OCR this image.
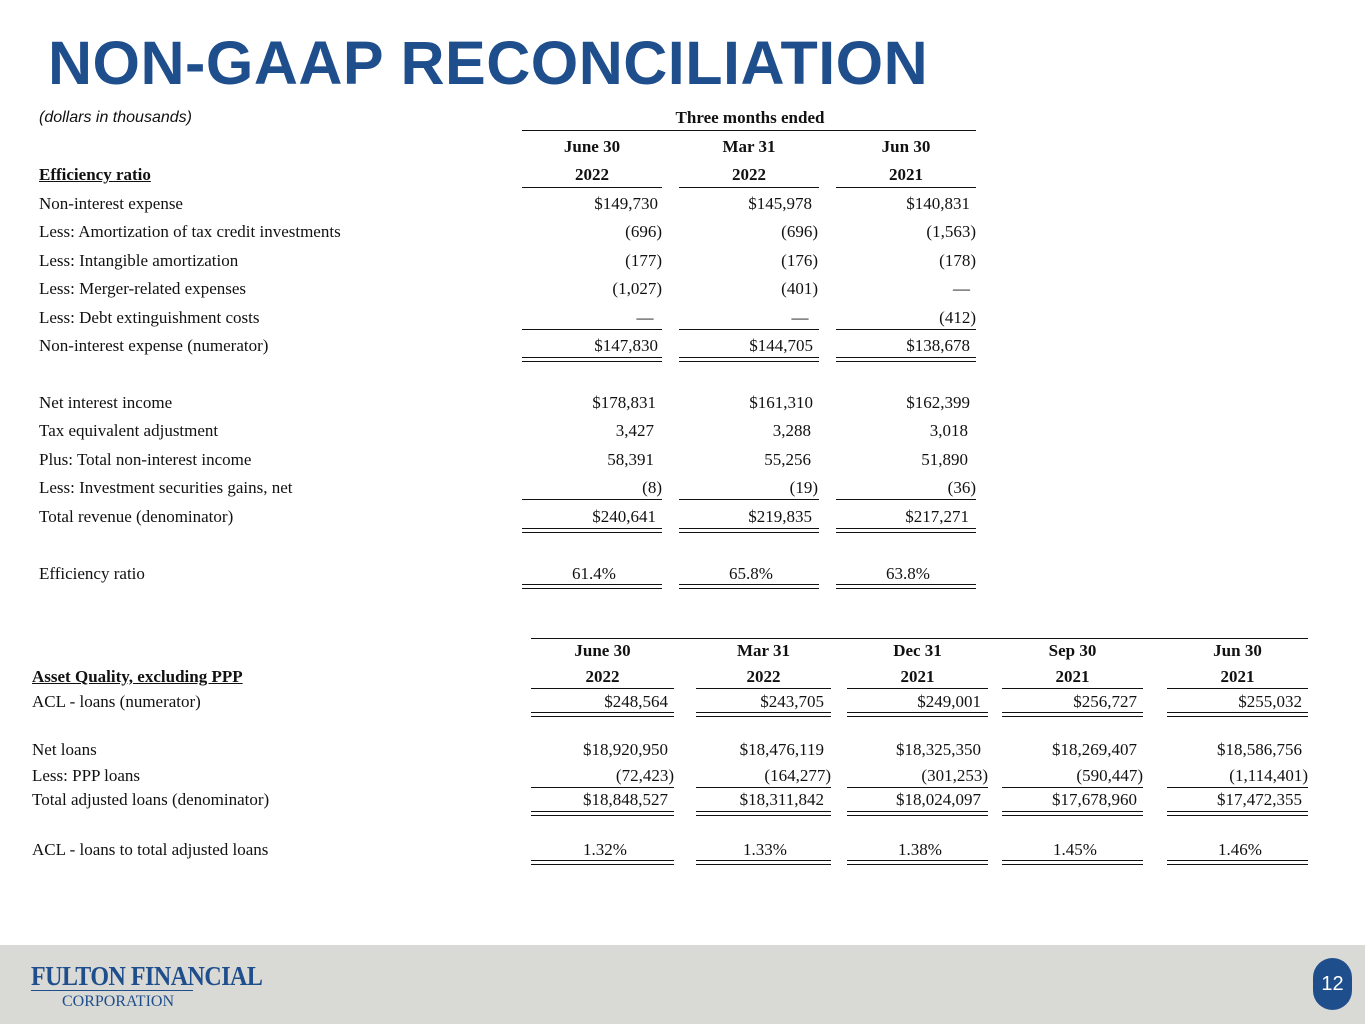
NON-GAAP RECONCILIATION
(dollars in thousands)	Three months ended
June 30	Mar 31	Jun 30
Efficiency ratio	2022	2022	2021
Non-interest expense	$149,730	$145,978	$140,831
Less: Amortization of tax credit investments	(696)	(696)	(1,563)
Less: Intangible amortization	(177)	(176)	(178)
Less: Merger-related expenses	(1,027)	(401)	—
Less: Debt extinguishment costs	—	—	(412)
Non-interest expense (numerator)	$147,830	$144,705	$138,678
Net interest income	$178,831	$161,310	$162,399
Tax equivalent adjustment	3,427	3,288	3,018
Plus: Total non-interest income	58,391	55,256	51,890
Less: Investment securities gains, net	(8)	(19)	(36)
Total revenue (denominator)	$240,641	$219,835	$217,271
Efficiency ratio	61.4%	65.8%	63.8%
June 30	Mar 31	Dec 31	Sep 30	Jun 30
Asset Quality, excluding PPP	2022	2022	2021	2021	2021
ACL - loans (numerator)	$248,564	$243,705	$249,001	$256,727	$255,032
Net loans	$18,920,950	$18,476,119	$18,325,350	$18,269,407	$18,586,756
Less: PPP loans	(72,423)	(164,277)	(301,253)	(590,447)	(1,114,401)
Total adjusted loans (denominator)	$18,848,527	$18,311,842	$18,024,097	$17,678,960	$17,472,355
ACL - loans to total adjusted loans	1.32%	1.33%	1.38%	1.45%	1.46%
FULTON FINANCIAL
CORPORATION
12
